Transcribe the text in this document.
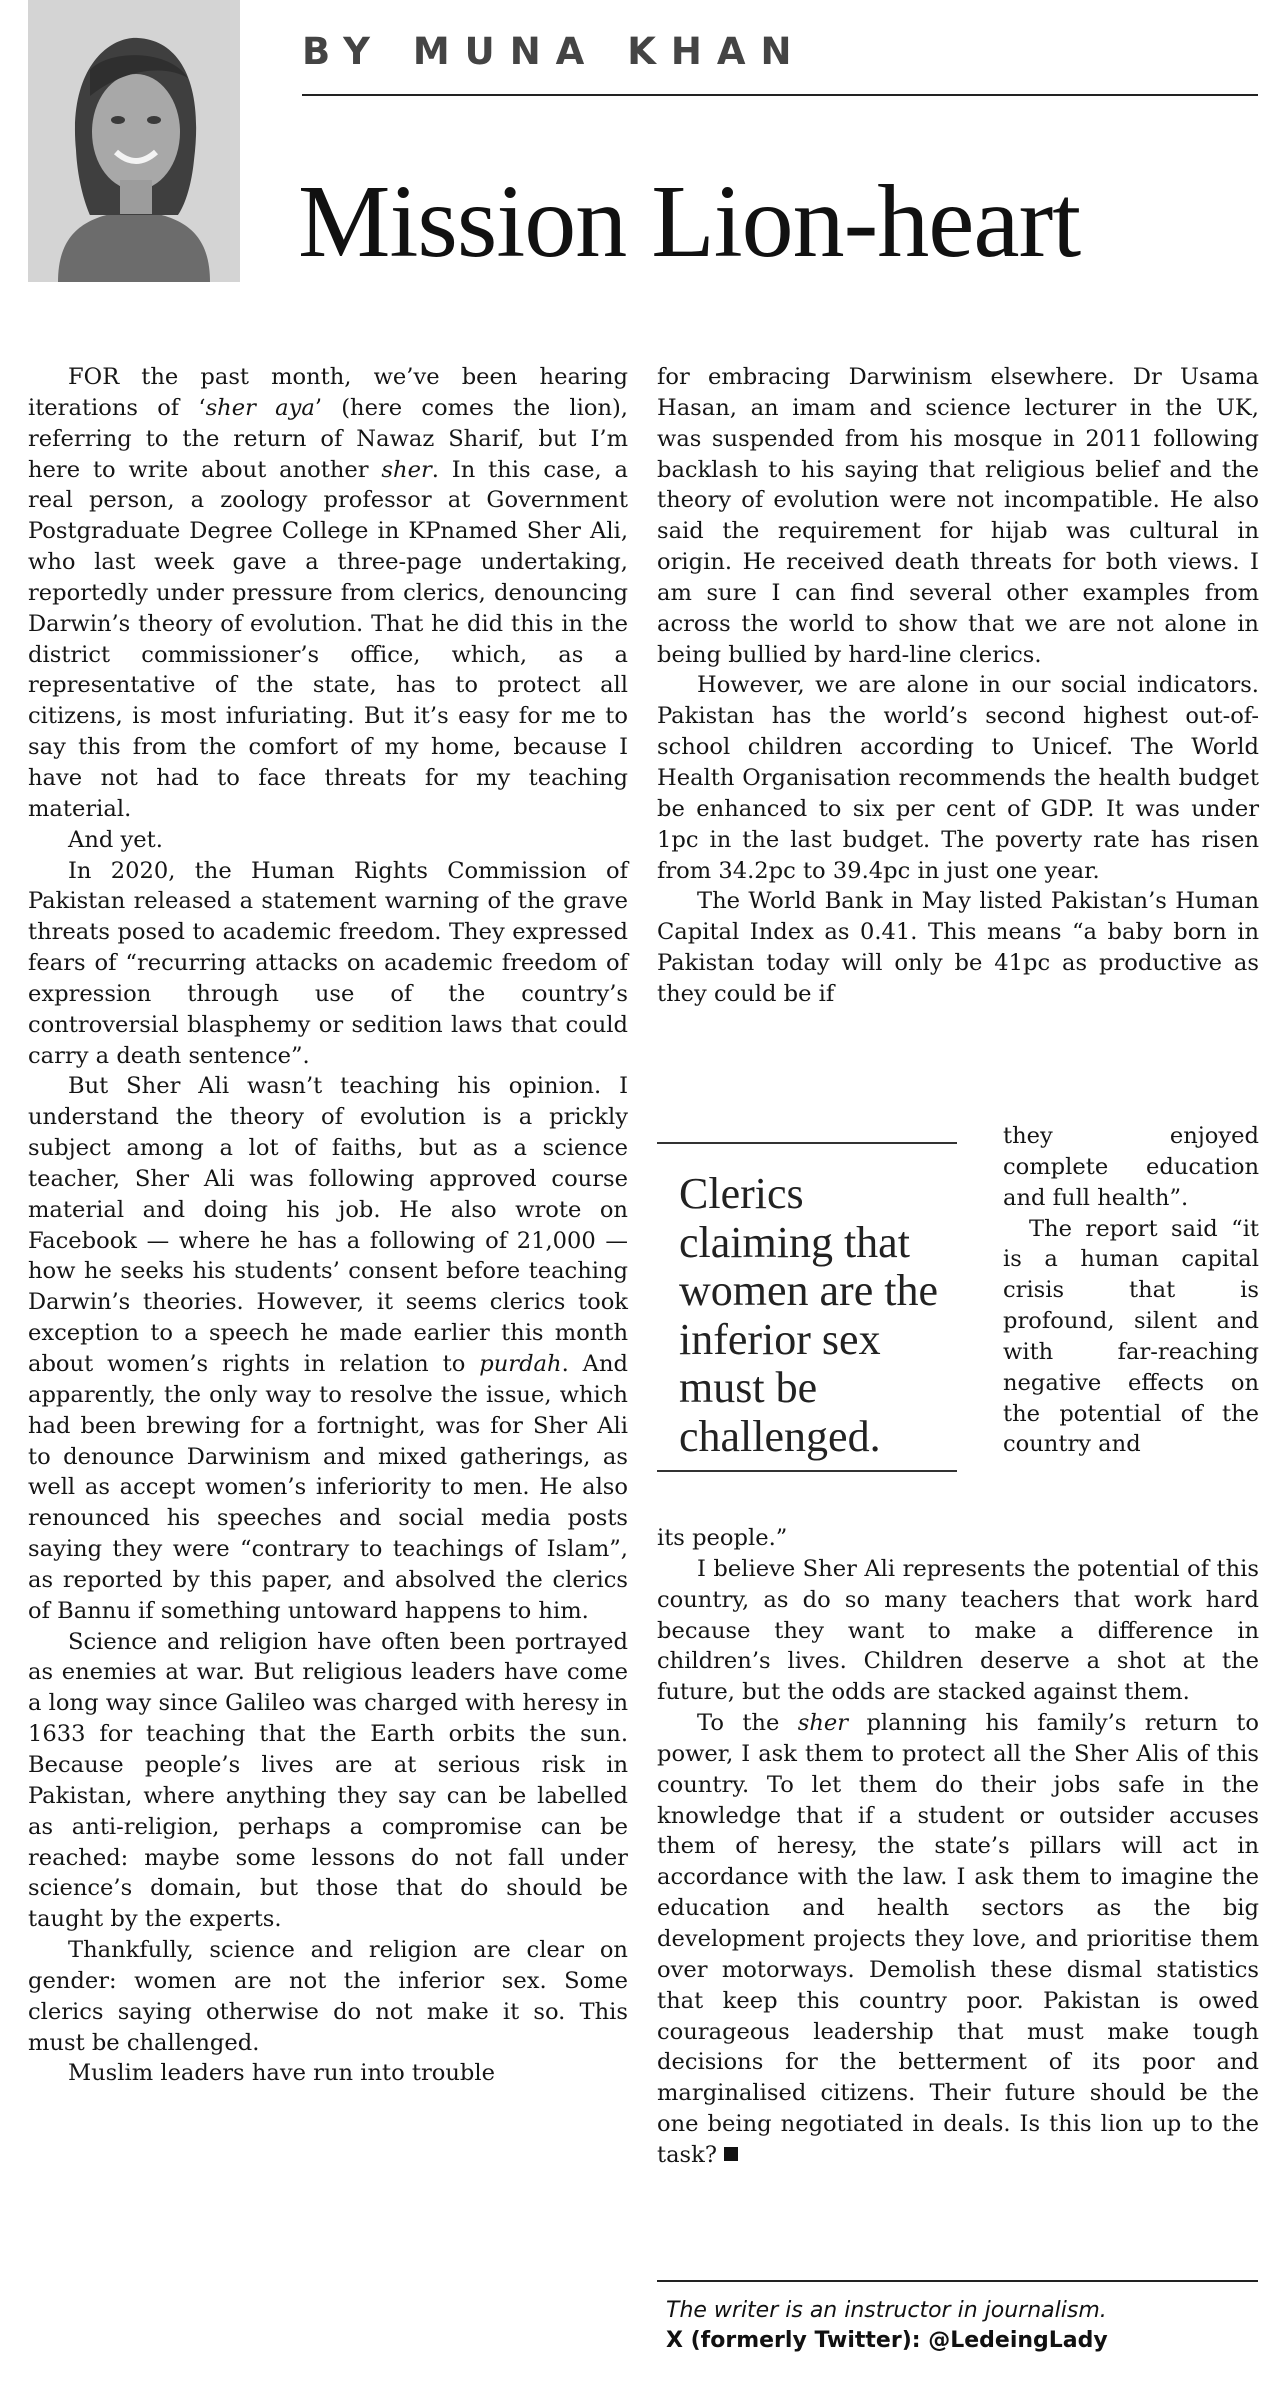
BY MUNA KHAN
Mission Lion-heart

FOR the past month, we’ve been hearing iterations of ‘sher aya’ (here comes the lion), referring to the return of Nawaz Sharif, but I’m here to write about another sher. In this case, a real person, a zoology professor at Government Postgraduate Degree College in KPnamed Sher Ali, who last week gave a three-page undertaking, reportedly under pressure from clerics, denouncing Darwin’s theory of evolution. That he did this in the district commissioner’s office, which, as a representative of the state, has to protect all citizens, is most infuriating. But it’s easy for me to say this from the comfort of my home, because I have not had to face threats for my teaching material.

And yet.

In 2020, the Human Rights Commission of Pakistan released a statement warning of the grave threats posed to academic freedom. They expressed fears of “recurring attacks on academic freedom of expression through use of the country’s controversial blasphemy or sedition laws that could carry a death sentence”.

But Sher Ali wasn’t teaching his opinion. I understand the theory of evolution is a prickly subject among a lot of faiths, but as a science teacher, Sher Ali was following approved course material and doing his job. He also wrote on Facebook — where he has a following of 21,000 — how he seeks his students’ consent before teaching Darwin’s theories. However, it seems clerics took exception to a speech he made earlier this month about women’s rights in relation to purdah. And apparently, the only way to resolve the issue, which had been brewing for a fortnight, was for Sher Ali to denounce Darwinism and mixed gatherings, as well as accept women’s inferiority to men. He also renounced his speeches and social media posts saying they were “contrary to teachings of Islam”, as reported by this paper, and absolved the clerics of Bannu if something untoward happens to him.

Science and religion have often been portrayed as enemies at war. But religious leaders have come a long way since Galileo was charged with heresy in 1633 for teaching that the Earth orbits the sun. Because people’s lives are at serious risk in Pakistan, where anything they say can be labelled as anti-religion, perhaps a compromise can be reached: maybe some lessons do not fall under science’s domain, but those that do should be taught by the experts.

Thankfully, science and religion are clear on gender: women are not the inferior sex. Some clerics saying otherwise do not make it so. This must be challenged.

Muslim leaders have run into trouble

for embracing Darwinism elsewhere. Dr Usama Hasan, an imam and science lecturer in the UK, was suspended from his mosque in 2011 following backlash to his saying that religious belief and the theory of evolution were not incompatible. He also said the requirement for hijab was cultural in origin. He received death threats for both views. I am sure I can find several other examples from across the world to show that we are not alone in being bullied by hard-line clerics.

However, we are alone in our social indicators. Pakistan has the world’s second highest out-of-school children according to Unicef. The World Health Organisation recommends the health budget be enhanced to six per cent of GDP. It was under 1pc in the last budget. The poverty rate has risen from 34.2pc to 39.4pc in just one year.

The World Bank in May listed Pakistan’s Human Capital Index as 0.41. This means “a baby born in Pakistan today will only be 41pc as productive as they could be if

Clerics claiming that women are the inferior sex must be challenged.

they enjoyed complete education and full health”.

The report said “it is a human capital crisis that is profound, silent and with far-reaching negative effects on the potential of the country and

its people.”

I believe Sher Ali represents the potential of this country, as do so many teachers that work hard because they want to make a difference in children’s lives. Children deserve a shot at the future, but the odds are stacked against them.

To the sher planning his family’s return to power, I ask them to protect all the Sher Alis of this country. To let them do their jobs safe in the knowledge that if a student or outsider accuses them of heresy, the state’s pillars will act in accordance with the law. I ask them to imagine the education and health sectors as the big development projects they love, and prioritise them over motorways. Demolish these dismal statistics that keep this country poor. Pakistan is owed courageous leadership that must make tough decisions for the betterment of its poor and marginalised citizens. Their future should be the one being negotiated in deals. Is this lion up to the task?

The writer is an instructor in journalism.
X (formerly Twitter): @LedeingLady
